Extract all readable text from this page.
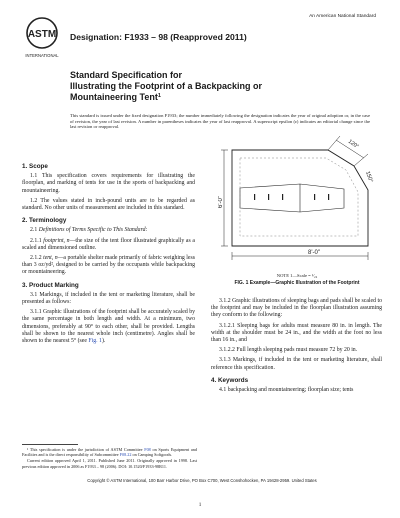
ASTM
INTERNATIONAL
Designation: F1933 – 98 (Reapproved 2011)
An American National Standard
Standard Specification for
Illustrating the Footprint of a Backpacking or
Mountaineering Tent$^1$
This standard is issued under the fixed designation F1933; the number immediately following the designation indicates the year of original adoption or, in the case of revision, the year of last revision. A number in parentheses indicates the year of last reapproval. A superscript epsilon (ε) indicates an editorial change since the last revision or reapproval.
1. Scope
1.1 This specification covers requirements for illustrating the floorplan, and marking of tents for use in the sports of backpacking and mountaineering.
1.2 The values stated in inch-pound units are to be regarded as standard. No other units of measurement are included in this standard.
2. Terminology
2.1 Definitions of Terms Specific to This Standard:
2.1.1 footprint, n—the size of the tent floor illustrated graphically as a scaled and dimensioned outline.
2.1.2 tent, n—a portable shelter made primarily of fabric weighing less than 3 oz/yd², designed to be carried by the occupants while backpacking or mountaineering.
3. Product Marking
3.1 Markings, if included in the tent or marketing literature, shall be presented as follows:
3.1.1 Graphic illustrations of the footprint shall be accurately scaled by the same percentage in both length and width. At a minimum, two dimensions, preferably at 90° to each other, shall be provided. Lengths shall be shown to the nearest whole inch (centimetre). Angles shall be shown to the nearest 5° (see Fig. 1).
6'-0"
8'-0"
120°
150°
NOTE 1—Scale = ¹⁄₂₄
FIG. 1 Example—Graphic Illustration of the Footprint
3.1.2 Graphic illustrations of sleeping bags and pads shall be scaled to the footprint and may be included in the floorplan illustration assuming they conform to the following:
3.1.2.1 Sleeping bags for adults must measure 80 in. in length. The width at the shoulder must be 24 in., and the width at the foot no less than 16 in., and
3.1.2.2 Full length sleeping pads must measure 72 by 20 in.
3.1.3 Markings, if included in the tent or marketing literature, shall reference this specification.
4. Keywords
4.1 backpacking and mountaineering; floorplan size; tents
¹ This specification is under the jurisdiction of ASTM Committee F08 on Sports Equipment and Facilities and is the direct responsibility of Subcommittee F08.22 on Camping Softgoods.
Current edition approved April 1, 2011. Published June 2011. Originally approved in 1998. Last previous edition approved in 2006 as F1933 – 98 (2006). DOI: 10.1520/F1933-98R11.
Copyright © ASTM International, 100 Barr Harbor Drive, PO Box C700, West Conshohocken, PA 19428-2959. United States
1
